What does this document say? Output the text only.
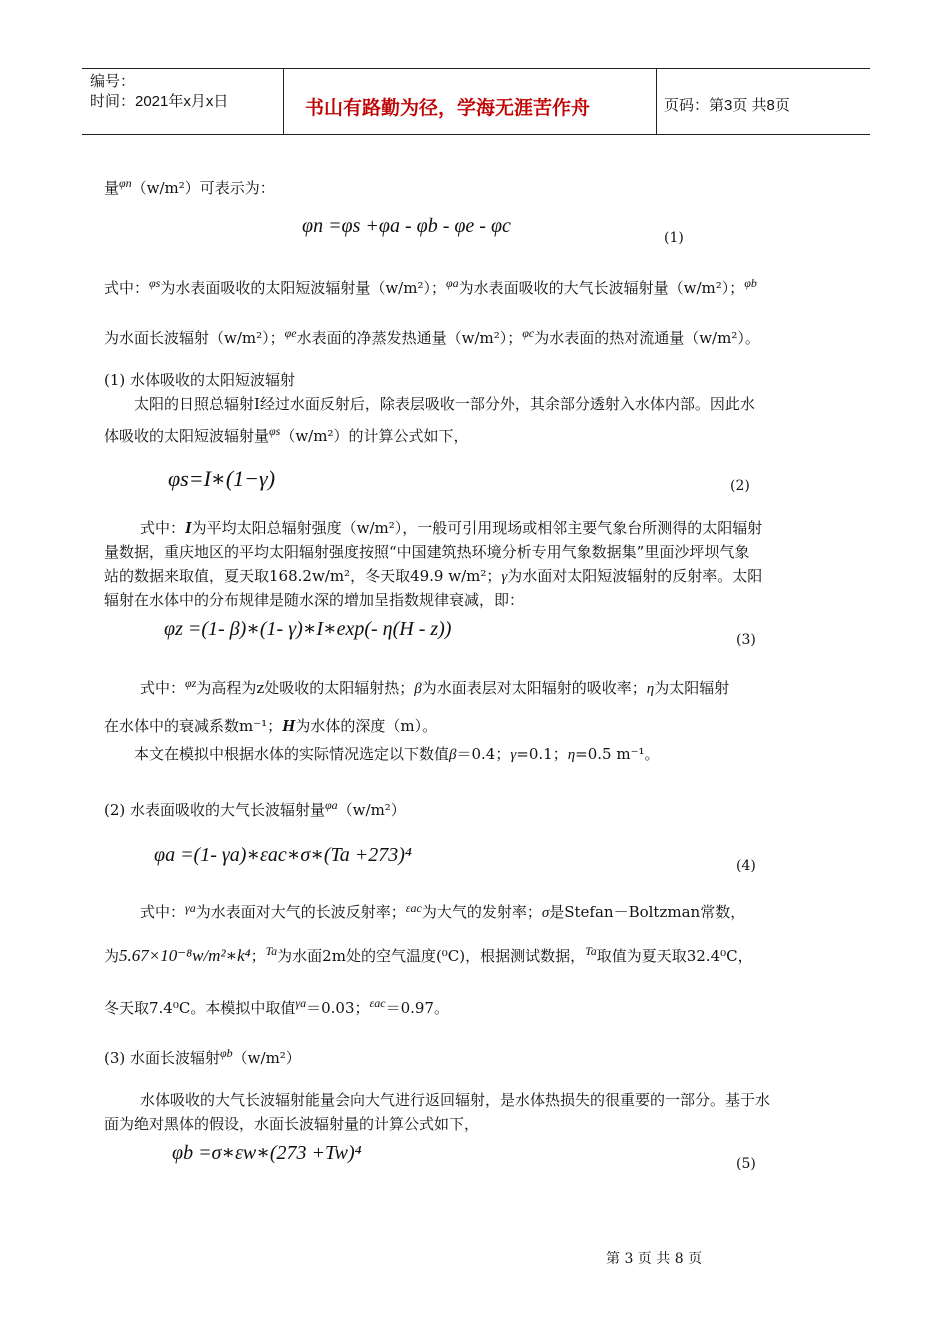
编号：
时间：2021年x月x日	书山有路勤为径，学海无涯苦作舟	页码：第3页 共8页
量$^{\varphi n}$（w/m²）可表示为：
φn =φs +φa - φb - φe - φc
(1)
式中：$^{\varphi s}$为水表面吸收的太阳短波辐射量（w/m²）；$^{\varphi a}$为水表面吸收的大气长波辐射量（w/m²）；$^{\varphi b}$
为水面长波辐射（w/m²）；$^{\varphi e}$水表面的净蒸发热通量（w/m²）；$^{\varphi c}$为水表面的热对流通量（w/m²）。
(1) 水体吸收的太阳短波辐射
太阳的日照总辐射Ⅰ经过水面反射后，除表层吸收一部分外，其余部分透射入水体内部。因此水
体吸收的太阳短波辐射量$^{\varphi s}$（w/m²）的计算公式如下，
φs=I∗(1−γ)	(2)
式中：I为平均太阳总辐射强度（w/m²），一般可引用现场或相邻主要气象台所测得的太阳辐射
量数据，重庆地区的平均太阳辐射强度按照“中国建筑热环境分析专用气象数据集”里面沙坪坝气象
站的数据来取值，夏天取168.2w/m²，冬天取49.9 w/m²；γ为水面对太阳短波辐射的反射率。太阳
辐射在水体中的分布规律是随水深的增加呈指数规律衰减，即：
φz =(1- β)∗(1- γ)∗I∗exp(- η(H - z))	(3)
式中：$^{\varphi z}$为高程为z处吸收的太阳辐射热；β为水面表层对太阳辐射的吸收率；η为太阳辐射
在水体中的衰减系数m⁻¹；H为水体的深度（m）。
本文在模拟中根据水体的实际情况选定以下数值β＝0.4；γ=0.1；η=0.5 m⁻¹。
(2) 水表面吸收的大气长波辐射量$^{\varphi a}$（w/m²）
φa =(1- γa)∗εac∗σ∗(Ta +273)⁴	(4)
式中：$^{\gamma a}$为水表面对大气的长波反射率；$^{\varepsilon ac}$为大气的发射率；σ是Stefan－Boltzman常数，
为5.67×10⁻⁸w/m²∗k⁴；$^{Ta}$为水面2m处的空气温度(⁰C)，根据测试数据，$^{Ta}$取值为夏天取32.4⁰C，
冬天取7.4⁰C。本模拟中取值$^{\gamma a}$＝0.03；$^{\varepsilon ac}$＝0.97。
(3) 水面长波辐射$^{\varphi b}$（w/m²）
水体吸收的大气长波辐射能量会向大气进行返回辐射，是水体热损失的很重要的一部分。基于水
面为绝对黑体的假设，水面长波辐射量的计算公式如下，
φb =σ∗εw∗(273 +Tw)⁴	(5)
第 3 页 共 8 页
